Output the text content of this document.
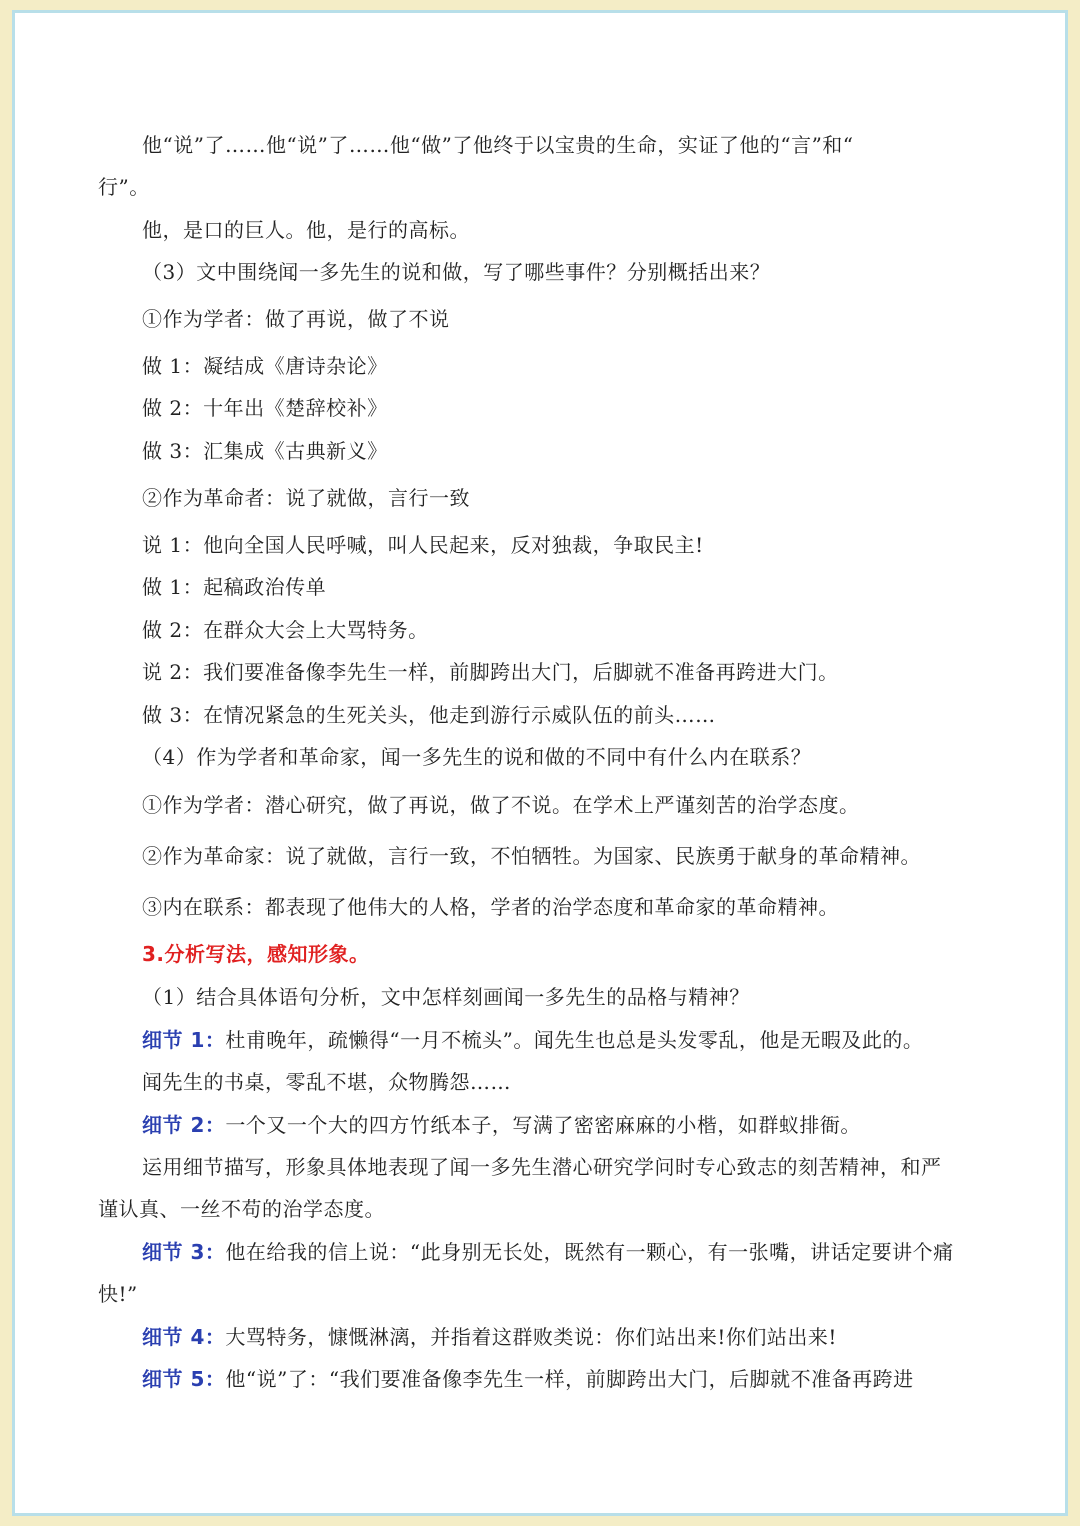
他“说”了……他“说”了……他“做”了他终于以宝贵的生命，实证了他的“言”和“
行”。
他，是口的巨人。他，是行的高标。
（3）文中围绕闻一多先生的说和做，写了哪些事件？分别概括出来？
①作为学者：做了再说，做了不说
做 1：凝结成《唐诗杂论》
做 2：十年出《楚辞校补》
做 3：汇集成《古典新义》
②作为革命者：说了就做，言行一致
说 1：他向全国人民呼喊，叫人民起来，反对独裁，争取民主!
做 1：起稿政治传单
做 2：在群众大会上大骂特务。
说 2：我们要准备像李先生一样，前脚跨出大门，后脚就不准备再跨进大门。
做 3：在情况紧急的生死关头，他走到游行示威队伍的前头……
（4）作为学者和革命家，闻一多先生的说和做的不同中有什么内在联系？
①作为学者：潜心研究，做了再说，做了不说。在学术上严谨刻苦的治学态度。
②作为革命家：说了就做，言行一致，不怕牺牲。为国家、民族勇于献身的革命精神。
③内在联系：都表现了他伟大的人格，学者的治学态度和革命家的革命精神。
3.分析写法，感知形象。
（1）结合具体语句分析，文中怎样刻画闻一多先生的品格与精神？
细节 1：杜甫晚年，疏懒得“一月不梳头”。闻先生也总是头发零乱，他是无暇及此的。
闻先生的书桌，零乱不堪，众物腾怨……
细节 2：一个又一个大的四方竹纸本子，写满了密密麻麻的小楷，如群蚁排衙。
运用细节描写，形象具体地表现了闻一多先生潜心研究学问时专心致志的刻苦精神，和严
谨认真、一丝不苟的治学态度。
细节 3：他在给我的信上说：“此身别无长处，既然有一颗心，有一张嘴，讲话定要讲个痛
快!”
细节 4：大骂特务，慷慨淋漓，并指着这群败类说：你们站出来!你们站出来!
细节 5：他“说”了：“我们要准备像李先生一样，前脚跨出大门，后脚就不准备再跨进
